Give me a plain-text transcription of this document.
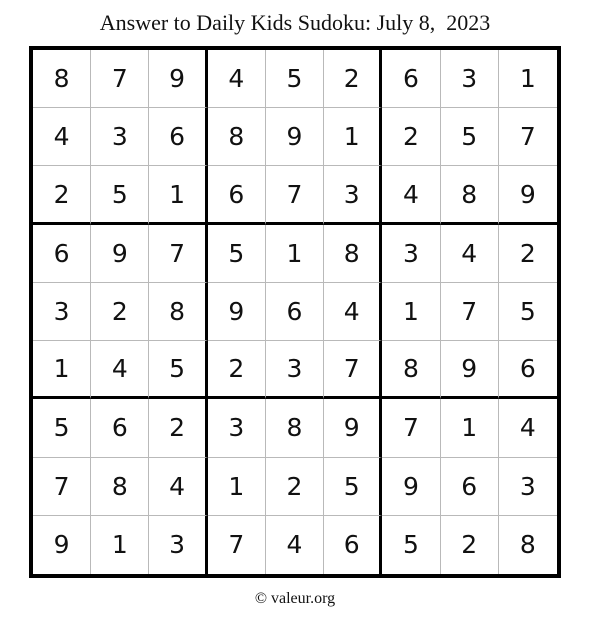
Answer to Daily Kids Sudoku: July 8,  2023
8	7	9	4	5	2	6	3	1
4	3	6	8	9	1	2	5	7
2	5	1	6	7	3	4	8	9
6	9	7	5	1	8	3	4	2
3	2	8	9	6	4	1	7	5
1	4	5	2	3	7	8	9	6
5	6	2	3	8	9	7	1	4
7	8	4	1	2	5	9	6	3
9	1	3	7	4	6	5	2	8
© valeur.org
